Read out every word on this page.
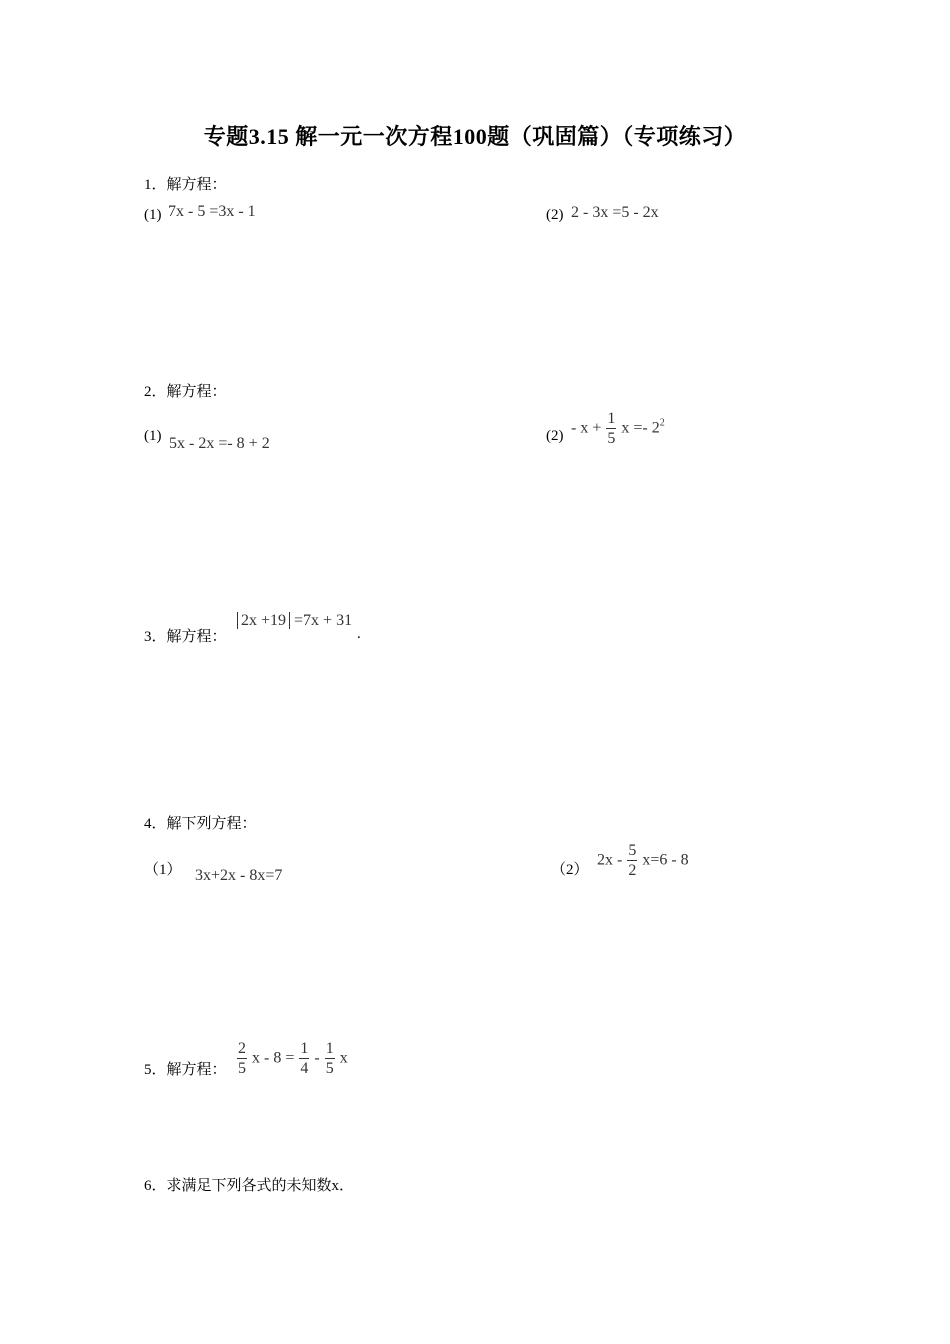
专题3.15 解一元一次方程100题（巩固篇）（专项练习）
1．解方程：
(1) 7x - 5 =3x - 1	(2) 2 - 3x =5 - 2x
2．解方程：
(1) 5x - 2x =- 8 + 2	$(2) - x + \frac{1}{5}$ $x =- 2^2$
3．解方程：
2x +19 =7x + 31
.
4．解下列方程：
（1） 3x+2x - 8x=7	（2）
$2x - \frac{5}{2} x=6 - 8$
5．解方程： $\frac{2}{5}$ $x - 8 = \frac{1}{4} - \frac{1}{5}$ x
6．求满足下列各式的未知数x．
